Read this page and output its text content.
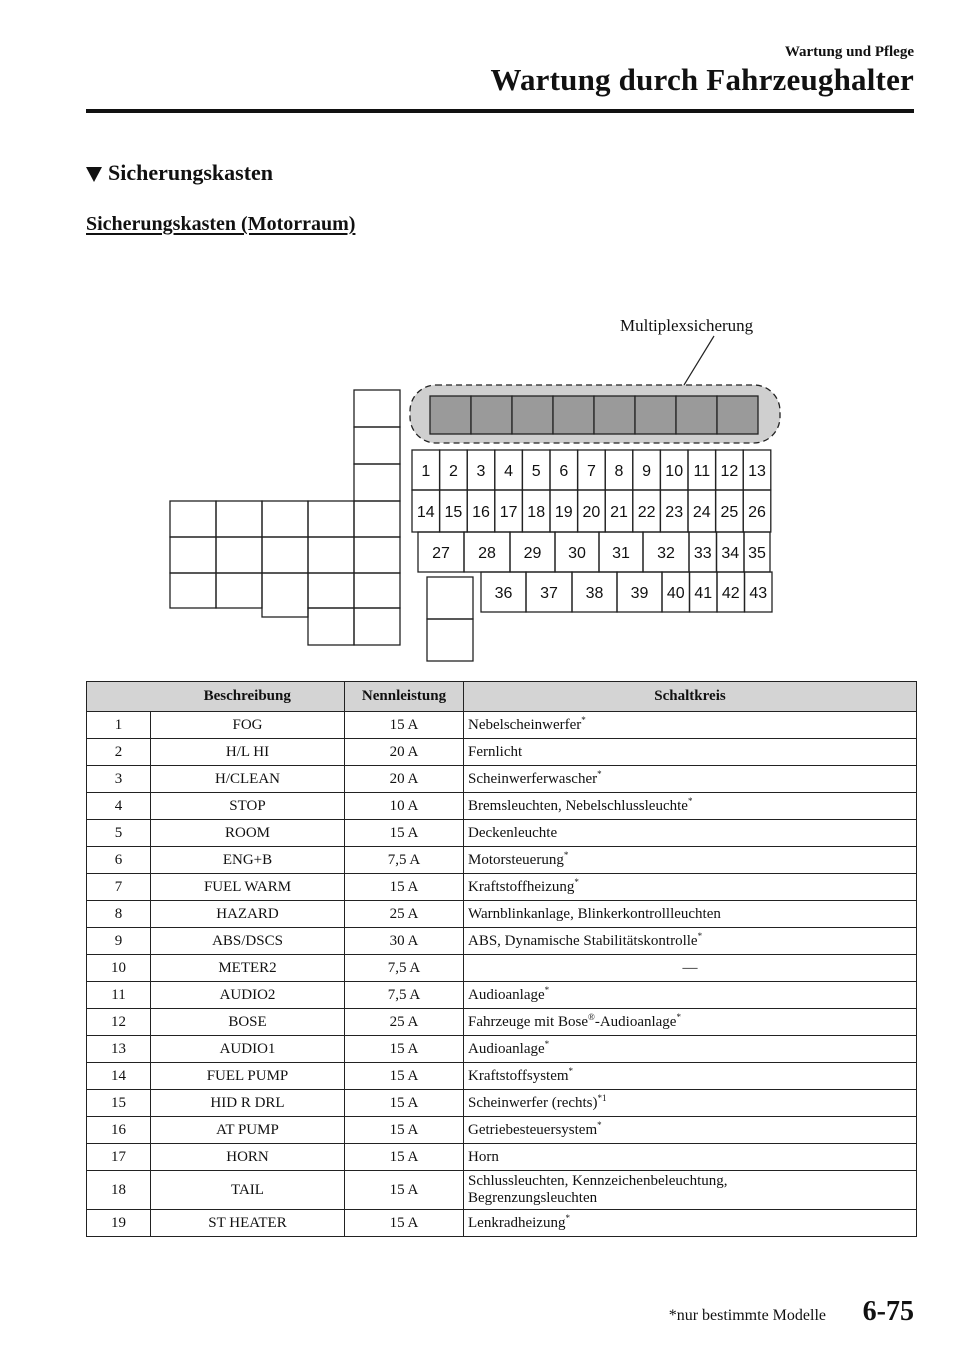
Wartung und Pflege
Wartung durch Fahrzeughalter
Sicherungskasten
Sicherungskasten (Motorraum)
Multiplexsicherung
1 2 3 4 5 6 7 8 9 10 11 12 13
14 15 16 17 18 19 20 21 22 23 24 25 26
27 28 29 30 31 32 33 34 35
36 37 38 39 40 41 42 43
	Beschreibung	Nennleistung	Schaltkreis
1	FOG	15 A	Nebelscheinwerfer*
2	H/L HI	20 A	Fernlicht
3	H/CLEAN	20 A	Scheinwerferwascher*
4	STOP	10 A	Bremsleuchten, Nebelschlussleuchte*
5	ROOM	15 A	Deckenleuchte
6	ENG+B	7,5 A	Motorsteuerung*
7	FUEL WARM	15 A	Kraftstoffheizung*
8	HAZARD	25 A	Warnblinkanlage, Blinkerkontrollleuchten
9	ABS/DSCS	30 A	ABS, Dynamische Stabilitätskontrolle*
10	METER2	7,5 A	—
11	AUDIO2	7,5 A	Audioanlage*
12	BOSE	25 A	Fahrzeuge mit Bose®-Audioanlage*
13	AUDIO1	15 A	Audioanlage*
14	FUEL PUMP	15 A	Kraftstoffsystem*
15	HID R DRL	15 A	Scheinwerfer (rechts)$^{*1}$
16	AT PUMP	15 A	Getriebesteuersystem*
17	HORN	15 A	Horn
18	TAIL	15 A	Schlussleuchten, Kennzeichenbeleuchtung,
Begrenzungsleuchten
19	ST HEATER	15 A	Lenkradheizung*
*nur bestimmte Modelle 6-75
